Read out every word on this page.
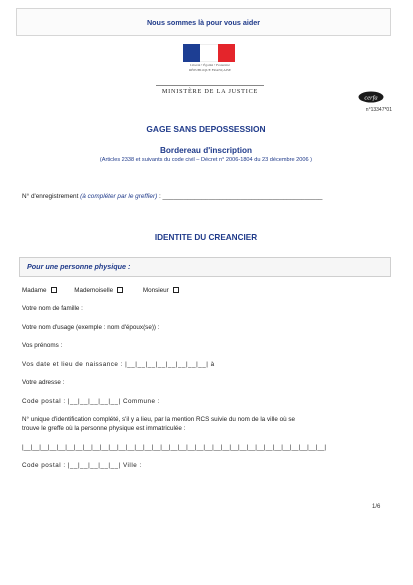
Nous sommes là pour vous aider
Liberté • Égalité • Fraternité
RÉPUBLIQUE FRANÇAISE
MINISTÈRE DE LA JUSTICE
cerfa
n°13347*01
GAGE SANS DEPOSSESSION
Bordereau d'inscription
(Articles 2338 et suivants du code civil – Décret n° 2006-1804 du 23 décembre 2006 )
N° d'enregistrement (à compléter par le greffier) : _____________________________________________
IDENTITE DU CREANCIER
Pour une personne physique :
Madame	Mademoiselle	Monsieur
Votre nom de famille :
Votre nom d'usage (exemple : nom d'époux(se)) :
Vos prénoms :
Vos date et lieu de naissance : |__|__|__|__|__|__|__|__| à
Votre adresse :
Code postal : |__|__|__|__|__| Commune :
N° unique d'identification complété, s'il y a lieu, par la mention RCS suivie du nom de la ville où se
trouve le greffe où la personne physique est immatriculée :
|__|__|__|__|__|__|__|__|__|__|__|__|__|__|__|__|__|__|__|__|__|__|__|__|__|__|__|__|__|__|__|__|__|__|__|
Code postal : |__|__|__|__|__| Ville :
1/6
